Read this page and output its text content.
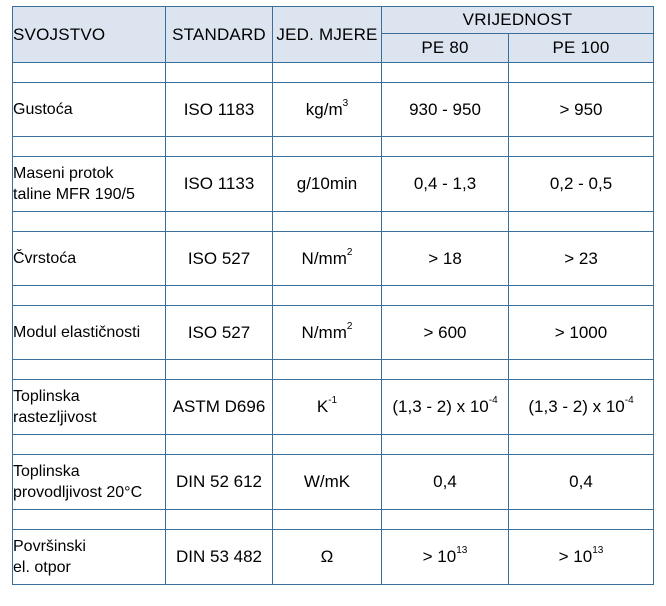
SVOJSTVO	STANDARD	JED. MJERE	VRIJEDNOST	
			PE 80	PE 100

Gustoća	ISO 1183	$kg/m^3$	930 - 950	> 950

Maseni protok
taline MFR 190/5	ISO 1133	g/10min	0,4 - 1,3	0,2 - 0,5

Čvrstoća	ISO 527	$N/mm^2$	> 18	> 23

Modul elastičnosti	ISO 527	$N/mm^2$	> 600	> 1000

Toplinska
rastezljivost	ASTM D696	$K^{-1}$	(1,3 - 2) x $10^{-4}$	(1,3 - 2) x $10^{-4}$

Toplinska
provodljivost 20°C	DIN 52 612	W/mK	0,4	0,4

Površinski
el. otpor	DIN 53 482	Ω	> $10^{13}$	> $10^{13}$
